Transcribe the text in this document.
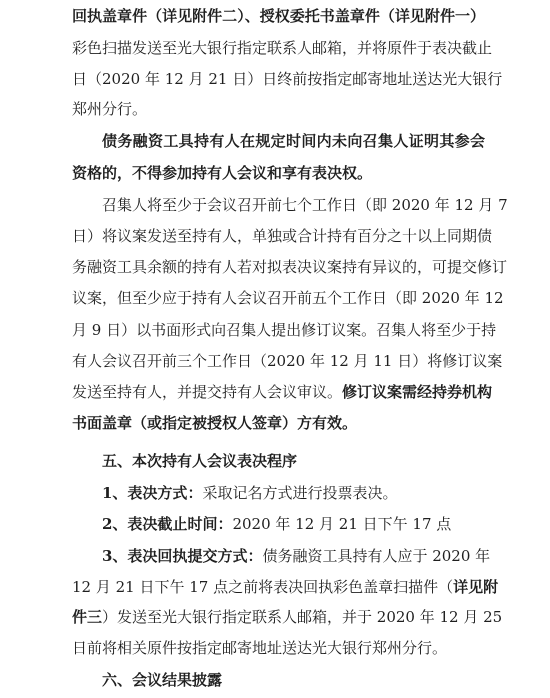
回执盖章件（详见附件二）、授权委托书盖章件（详见附件一）
彩色扫描发送至光大银行指定联系人邮箱，并将原件于表决截止
日（2020 年 12 月 21 日）日终前按指定邮寄地址送达光大银行
郑州分行。
债务融资工具持有人在规定时间内未向召集人证明其参会
资格的，不得参加持有人会议和享有表决权。
召集人将至少于会议召开前七个工作日（即 2020 年 12 月 7
日）将议案发送至持有人，单独或合计持有百分之十以上同期债
务融资工具余额的持有人若对拟表决议案持有异议的，可提交修订
议案，但至少应于持有人会议召开前五个工作日（即 2020 年 12
月 9 日）以书面形式向召集人提出修订议案。召集人将至少于持
有人会议召开前三个工作日（2020 年 12 月 11 日）将修订议案
发送至持有人，并提交持有人会议审议。修订议案需经持券机构
书面盖章（或指定被授权人签章）方有效。
五、本次持有人会议表决程序
1、表决方式：采取记名方式进行投票表决。
2、表决截止时间：2020 年 12 月 21 日下午 17 点
3、表决回执提交方式：债务融资工具持有人应于 2020 年
12 月 21 日下午 17 点之前将表决回执彩色盖章扫描件（详见附
件三）发送至光大银行指定联系人邮箱，并于 2020 年 12 月 25
日前将相关原件按指定邮寄地址送达光大银行郑州分行。
六、会议结果披露
